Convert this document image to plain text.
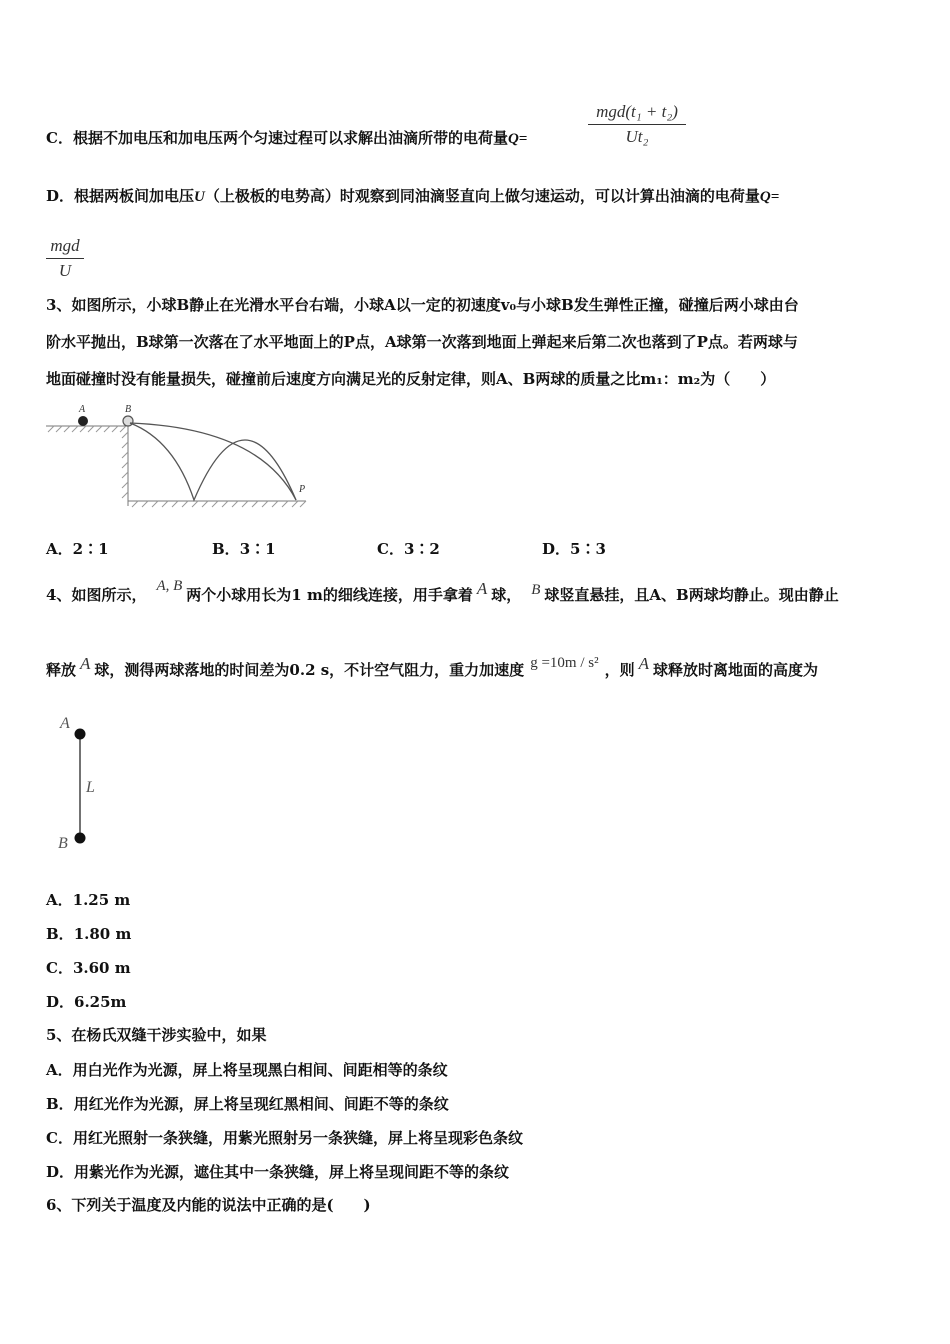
C．根据不加电压和加电压两个匀速过程可以求解出油滴所带的电荷量Q=
mgd(t₁ + t₂)
Ut₂
D．根据两板间加电压U（上极板的电势高）时观察到同油滴竖直向上做匀速运动，可以计算出油滴的电荷量Q=
mgd
U
3、如图所示，小球B静止在光滑水平台右端，小球A以一定的初速度v₀与小球B发生弹性正撞，碰撞后两小球由台
阶水平抛出，B球第一次落在了水平地面上的P点，A球第一次落到地面上弹起来后第二次也落到了P点。若两球与
地面碰撞时没有能量损失，碰撞前后速度方向满足光的反射定律，则A、B两球的质量之比m₁：m₂为（　　）
A	B
P
A．2∶1	B．3∶1	C．3∶2	D．5∶3
4、如图所示， A, B 两个小球用长为1 m的细线连接，用手拿着 A 球， B 球竖直悬挂，且A、B两球均静止。现由静止
释放 A 球，测得两球落地的时间差为0.2 s，不计空气阻力，重力加速度 g =10m / s² ，则 A 球释放时离地面的高度为
A
B
L
A．1.25 m
B．1.80 m
C．3.60 m
D．6.25m
5、在杨氏双缝干涉实验中，如果
A．用白光作为光源，屏上将呈现黑白相间、间距相等的条纹
B．用红光作为光源，屏上将呈现红黑相间、间距不等的条纹
C．用红光照射一条狭缝，用紫光照射另一条狭缝，屏上将呈现彩色条纹
D．用紫光作为光源，遮住其中一条狭缝，屏上将呈现间距不等的条纹
6、下列关于温度及内能的说法中正确的是(　　)
